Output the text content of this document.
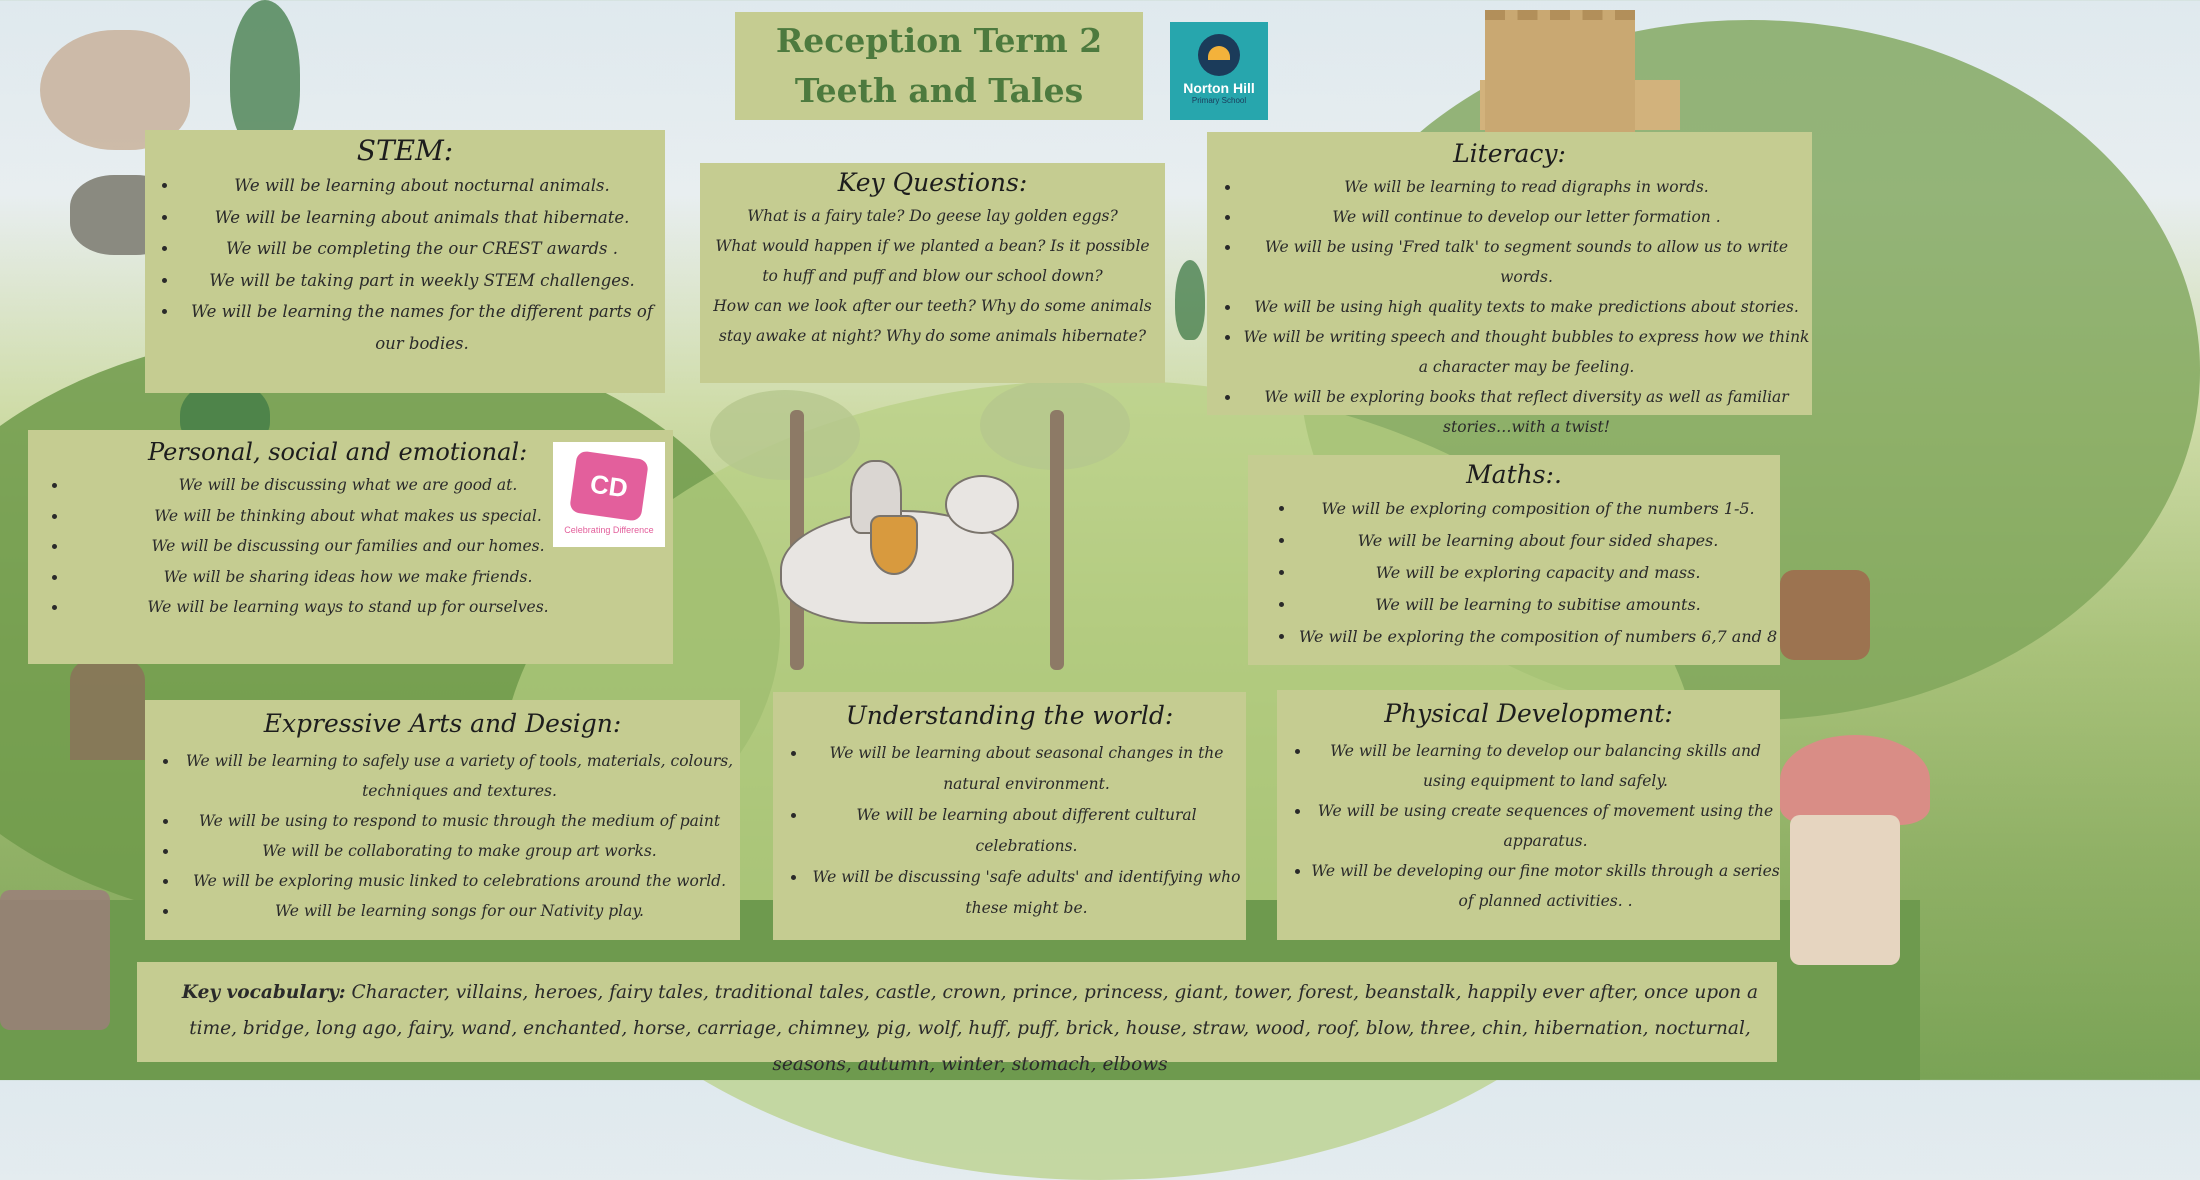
Reception Term 2
Teeth and Tales	Norton Hill
Primary School
STEM:
• We will be learning about nocturnal animals.
• We will be learning about animals that hibernate.
• We will be completing the our CREST awards .
• We will be taking part in weekly STEM challenges.
• We will be learning the names for the different parts of our bodies.
Key Questions:
What is a fairy tale? Do geese lay golden eggs?
What would happen if we planted a bean? Is it possible to huff and puff and blow our school down?
How can we look after our teeth? Why do some animals stay awake at night? Why do some animals hibernate?
Literacy:
• We will be learning to read digraphs in words.
• We will continue to develop our letter formation .
• We will be using 'Fred talk' to segment sounds to allow us to write words.
• We will be using high quality texts to make predictions about stories.
• We will be writing speech and thought bubbles to express how we think a character may be feeling.
• We will be exploring books that reflect diversity as well as familiar stories…with a twist!
Personal, social and emotional:
• We will be discussing what we are good at.
• We will be thinking about what makes us special.
• We will be discussing our families and our homes.
• We will be sharing ideas how we make friends.
• We will be learning ways to stand up for ourselves.
CD
Celebrating Difference
Maths:.
• We will be exploring composition of the numbers 1-5.
• We will be learning about four sided shapes.
• We will be exploring capacity and mass.
• We will be learning to subitise amounts.
• We will be exploring the composition of numbers 6,7 and 8
Expressive Arts and Design:
• We will be learning to safely use a variety of tools, materials, colours, techniques and textures.
• We will be using to respond to music through the medium of paint
• We will be collaborating to make group art works.
• We will be exploring music linked to celebrations around the world.
• We will be learning songs for our Nativity play.
Understanding the world:
• We will be learning about seasonal changes in the natural environment.
• We will be learning about different cultural celebrations.
• We will be discussing 'safe adults' and identifying who these might be.
Physical Development:
• We will be learning to develop our balancing skills and using equipment to land safely.
• We will be using create sequences of movement using the apparatus.
• We will be developing our fine motor skills through a series of planned activities. .

Key vocabulary: Character, villains, heroes, fairy tales, traditional tales, castle, crown, prince, princess, giant, tower, forest, beanstalk, happily ever after, once upon a time, bridge, long ago, fairy, wand, enchanted, horse, carriage, chimney, pig, wolf, huff, puff, brick, house, straw, wood, roof, blow, three, chin, hibernation, nocturnal, seasons, autumn, winter, stomach, elbows
